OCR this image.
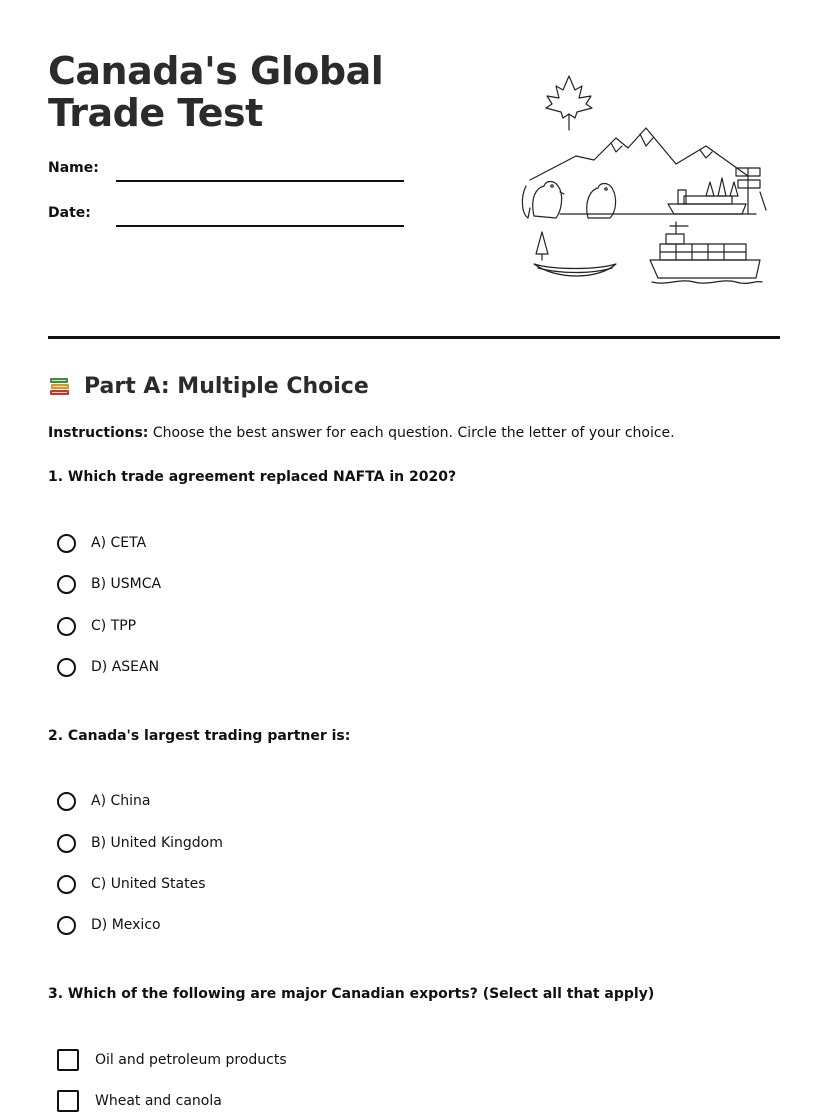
Canada's Global Trade Test
Name:
Date:
Part A: Multiple Choice
Instructions: Choose the best answer for each question. Circle the letter of your choice.
1. Which trade agreement replaced NAFTA in 2020?
A) CETA
B) USMCA
C) TPP
D) ASEAN
2. Canada's largest trading partner is:
A) China
B) United Kingdom
C) United States
D) Mexico
3. Which of the following are major Canadian exports? (Select all that apply)
Oil and petroleum products
Wheat and canola
